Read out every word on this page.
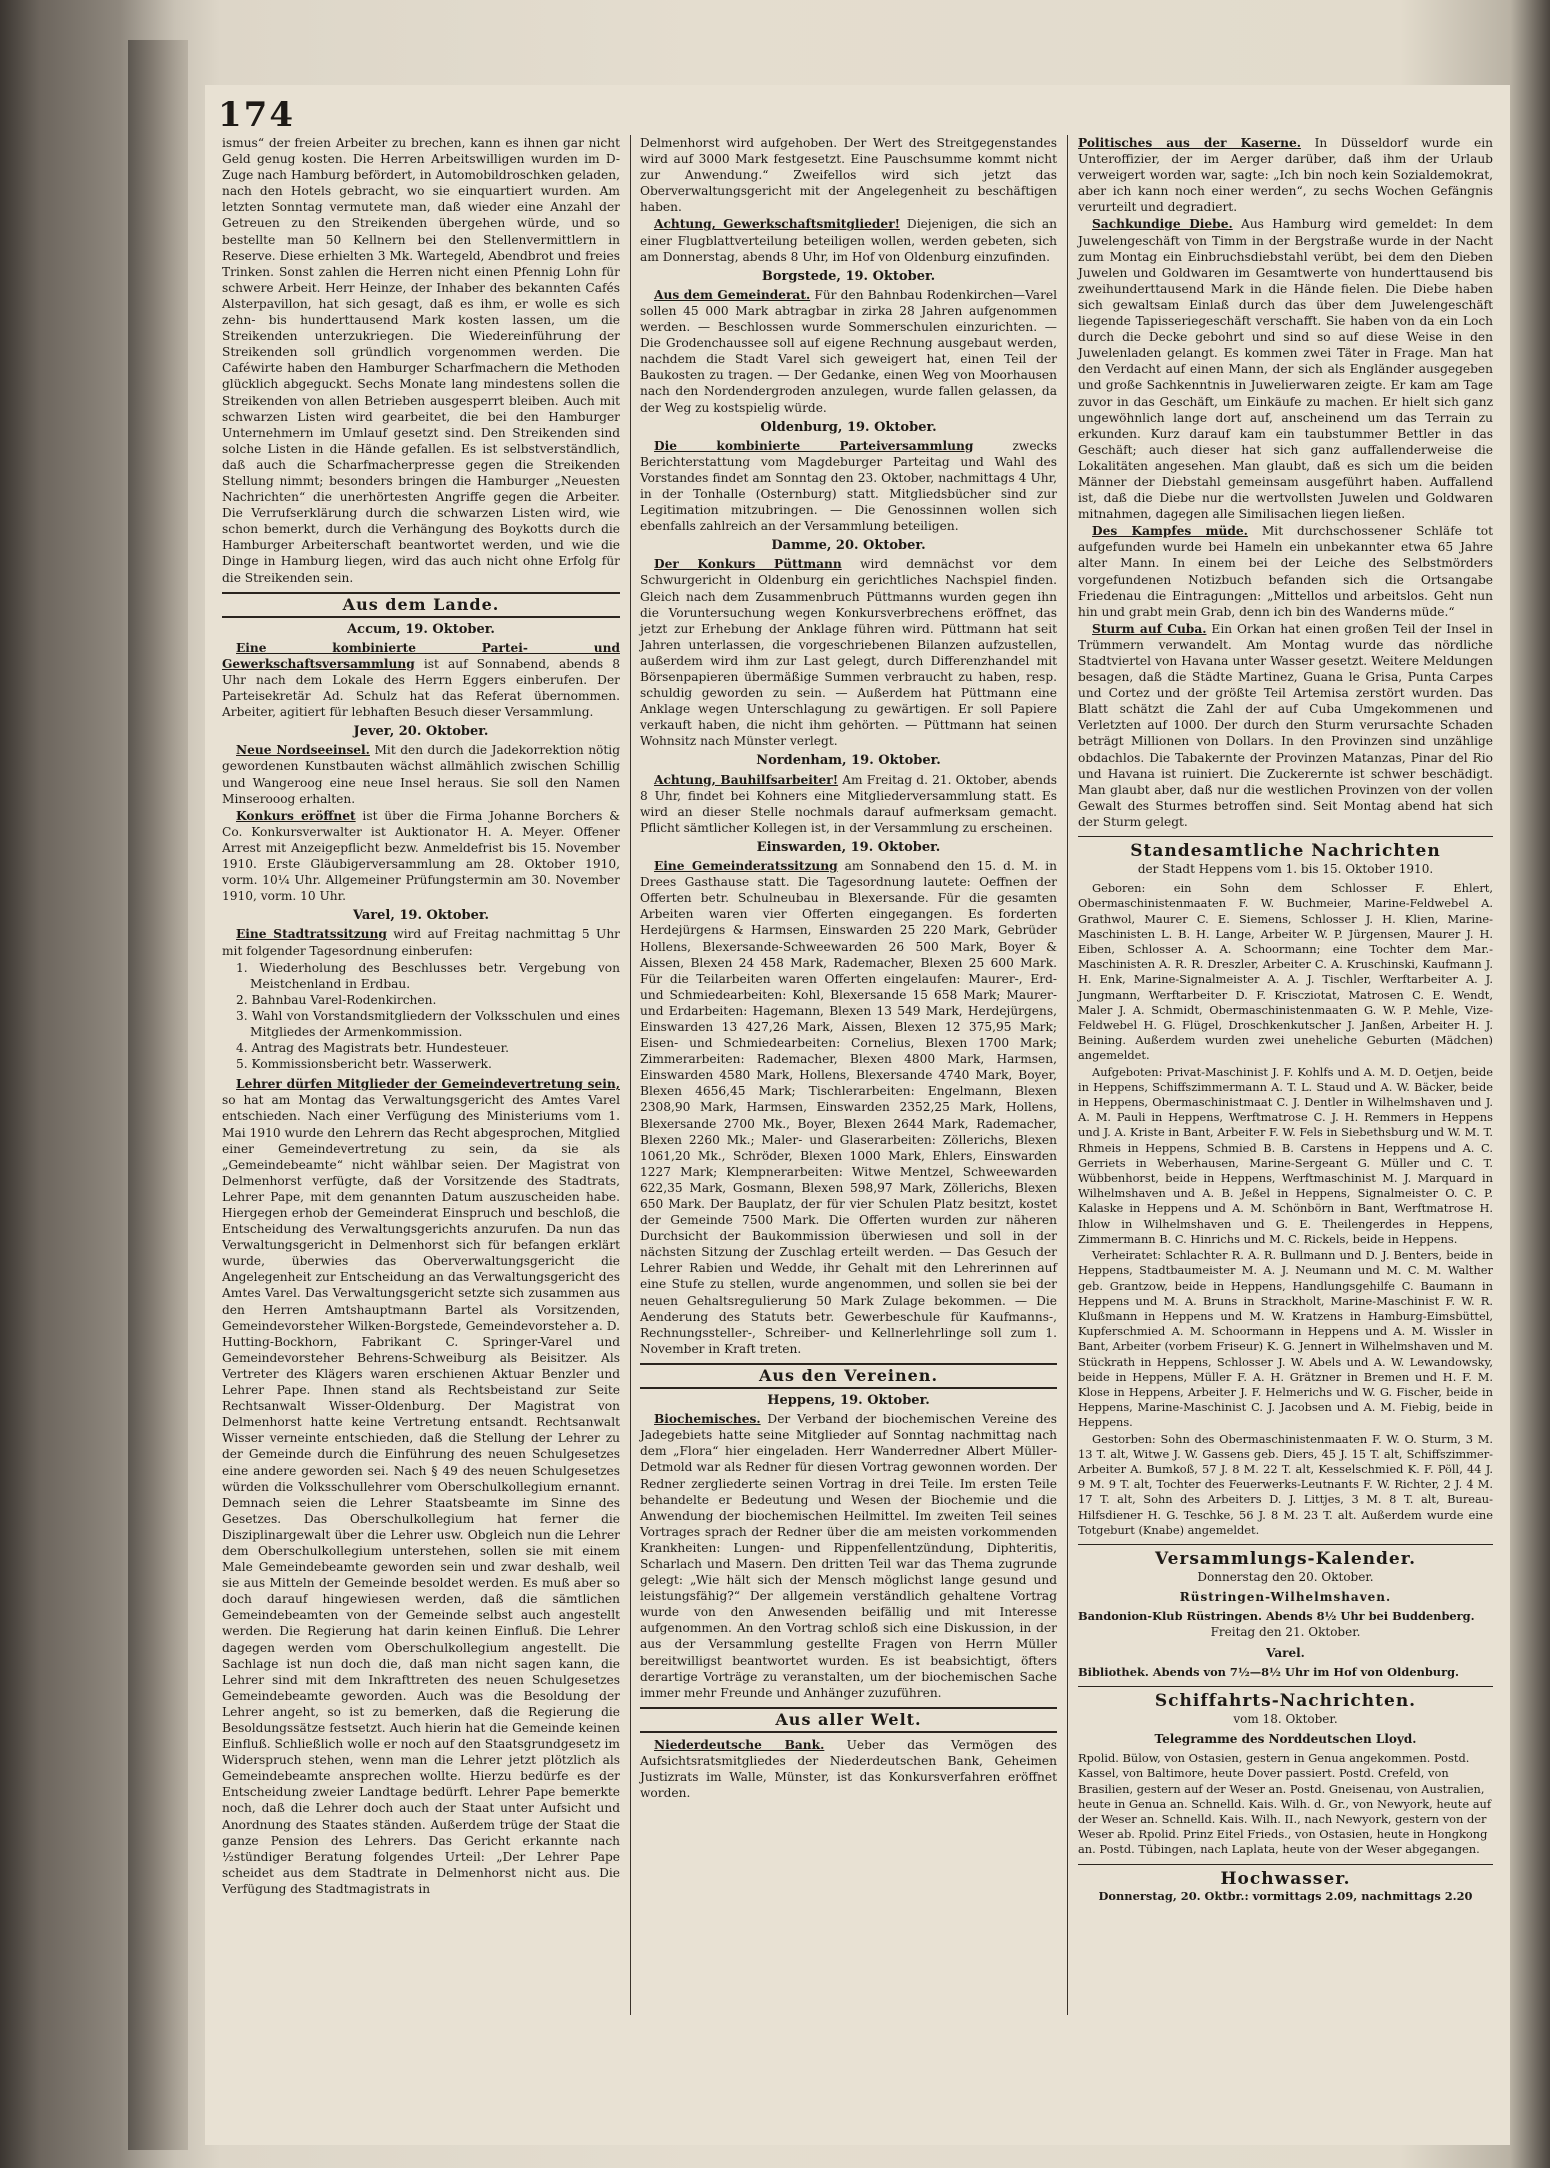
174

ismus“ der freien Arbeiter zu brechen, kann es ihnen gar nicht Geld genug kosten. Die Herren Arbeitswilligen wurden im D-Zuge nach Hamburg befördert, in Automobildroschken geladen, nach den Hotels gebracht, wo sie einquartiert wurden. Am letzten Sonntag vermutete man, daß wieder eine Anzahl der Getreuen zu den Streikenden übergehen würde, und so bestellte man 50 Kellnern bei den Stellenvermittlern in Reserve. Diese erhielten 3 Mk. Wartegeld, Abendbrot und freies Trinken. Sonst zahlen die Herren nicht einen Pfennig Lohn für schwere Arbeit. Herr Heinze, der Inhaber des bekannten Cafés Alsterpavillon, hat sich gesagt, daß es ihm, er wolle es sich zehn- bis hunderttausend Mark kosten lassen, um die Streikenden unterzukriegen. Die Wiedereinführung der Streikenden soll gründlich vorgenommen werden. Die Caféwirte haben den Hamburger Scharfmachern die Methoden glücklich abgeguckt. Sechs Monate lang mindestens sollen die Streikenden von allen Betrieben ausgesperrt bleiben. Auch mit schwarzen Listen wird gearbeitet, die bei den Hamburger Unternehmern im Umlauf gesetzt sind. Den Streikenden sind solche Listen in die Hände gefallen. Es ist selbstverständlich, daß auch die Scharfmacherpresse gegen die Streikenden Stellung nimmt; besonders bringen die Hamburger „Neuesten Nachrichten“ die unerhörtesten Angriffe gegen die Arbeiter. Die Verrufserklärung durch die schwarzen Listen wird, wie schon bemerkt, durch die Verhängung des Boykotts durch die Hamburger Arbeiterschaft beantwortet werden, und wie die Dinge in Hamburg liegen, wird das auch nicht ohne Erfolg für die Streikenden sein.

Aus dem Lande.
Accum, 19. Oktober.

Eine kombinierte Partei- und Gewerkschaftsversammlung ist auf Sonnabend, abends 8 Uhr nach dem Lokale des Herrn Eggers einberufen. Der Parteisekretär Ad. Schulz hat das Referat übernommen. Arbeiter, agitiert für lebhaften Besuch dieser Versammlung.

Jever, 20. Oktober.

Neue Nordseeinsel. Mit den durch die Jadekorrektion nötig gewordenen Kunstbauten wächst allmählich zwischen Schillig und Wangeroog eine neue Insel heraus. Sie soll den Namen Minserooog erhalten.

Konkurs eröffnet ist über die Firma Johanne Borchers & Co. Konkursverwalter ist Auktionator H. A. Meyer. Offener Arrest mit Anzeigepflicht bezw. Anmeldefrist bis 15. November 1910. Erste Gläubigerversammlung am 28. Oktober 1910, vorm. 10¼ Uhr. Allgemeiner Prüfungstermin am 30. November 1910, vorm. 10 Uhr.

Varel, 19. Oktober.

Eine Stadtratssitzung wird auf Freitag nachmittag 5 Uhr mit folgender Tagesordnung einberufen:

1. Wiederholung des Beschlusses betr. Vergebung von Meistchenland in Erdbau.
2. Bahnbau Varel-Rodenkirchen.
3. Wahl von Vorstandsmitgliedern der Volksschulen und eines Mitgliedes der Armenkommission.
4. Antrag des Magistrats betr. Hundesteuer.
5. Kommissionsbericht betr. Wasserwerk.

Lehrer dürfen Mitglieder der Gemeindevertretung sein, so hat am Montag das Verwaltungsgericht des Amtes Varel entschieden. Nach einer Verfügung des Ministeriums vom 1. Mai 1910 wurde den Lehrern das Recht abgesprochen, Mitglied einer Gemeindevertretung zu sein, da sie als „Gemeindebeamte“ nicht wählbar seien. Der Magistrat von Delmenhorst verfügte, daß der Vorsitzende des Stadtrats, Lehrer Pape, mit dem genannten Datum auszuscheiden habe. Hiergegen erhob der Gemeinderat Einspruch und beschloß, die Entscheidung des Verwaltungsgerichts anzurufen. Da nun das Verwaltungsgericht in Delmenhorst sich für befangen erklärt wurde, überwies das Oberverwaltungsgericht die Angelegenheit zur Entscheidung an das Verwaltungsgericht des Amtes Varel. Das Verwaltungsgericht setzte sich zusammen aus den Herren Amtshauptmann Bartel als Vorsitzenden, Gemeindevorsteher Wilken-Borgstede, Gemeindevorsteher a. D. Hutting-Bockhorn, Fabrikant C. Springer-Varel und Gemeindevorsteher Behrens-Schweiburg als Beisitzer. Als Vertreter des Klägers waren erschienen Aktuar Benzler und Lehrer Pape. Ihnen stand als Rechtsbeistand zur Seite Rechtsanwalt Wisser-Oldenburg. Der Magistrat von Delmenhorst hatte keine Vertretung entsandt. Rechtsanwalt Wisser verneinte entschieden, daß die Stellung der Lehrer zu der Gemeinde durch die Einführung des neuen Schulgesetzes eine andere geworden sei. Nach § 49 des neuen Schulgesetzes würden die Volksschullehrer vom Oberschulkollegium ernannt. Demnach seien die Lehrer Staatsbeamte im Sinne des Gesetzes. Das Oberschulkollegium hat ferner die Disziplinargewalt über die Lehrer usw. Obgleich nun die Lehrer dem Oberschulkollegium unterstehen, sollen sie mit einem Male Gemeindebeamte geworden sein und zwar deshalb, weil sie aus Mitteln der Gemeinde besoldet werden. Es muß aber so doch darauf hingewiesen werden, daß die sämtlichen Gemeindebeamten von der Gemeinde selbst auch angestellt werden. Die Regierung hat darin keinen Einfluß. Die Lehrer dagegen werden vom Oberschulkollegium angestellt. Die Sachlage ist nun doch die, daß man nicht sagen kann, die Lehrer sind mit dem Inkrafttreten des neuen Schulgesetzes Gemeindebeamte geworden. Auch was die Besoldung der Lehrer angeht, so ist zu bemerken, daß die Regierung die Besoldungssätze festsetzt. Auch hierin hat die Gemeinde keinen Einfluß. Schließlich wolle er noch auf den Staatsgrundgesetz im Widerspruch stehen, wenn man die Lehrer jetzt plötzlich als Gemeindebeamte ansprechen wollte. Hierzu bedürfe es der Entscheidung zweier Landtage bedürft. Lehrer Pape bemerkte noch, daß die Lehrer doch auch der Staat unter Aufsicht und Anordnung des Staates ständen. Außerdem trüge der Staat die ganze Pension des Lehrers. Das Gericht erkannte nach ½stündiger Beratung folgendes Urteil: „Der Lehrer Pape scheidet aus dem Stadtrate in Delmenhorst nicht aus. Die Verfügung des Stadtmagistrats in

Delmenhorst wird aufgehoben. Der Wert des Streitgegenstandes wird auf 3000 Mark festgesetzt. Eine Pauschsumme kommt nicht zur Anwendung.“ Zweifellos wird sich jetzt das Oberverwaltungsgericht mit der Angelegenheit zu beschäftigen haben.

Achtung, Gewerkschaftsmitglieder! Diejenigen, die sich an einer Flugblattverteilung beteiligen wollen, werden gebeten, sich am Donnerstag, abends 8 Uhr, im Hof von Oldenburg einzufinden.

Borgstede, 19. Oktober.

Aus dem Gemeinderat. Für den Bahnbau Rodenkirchen—Varel sollen 45 000 Mark abtragbar in zirka 28 Jahren aufgenommen werden. — Beschlossen wurde Sommerschulen einzurichten. — Die Grodenchaussee soll auf eigene Rechnung ausgebaut werden, nachdem die Stadt Varel sich geweigert hat, einen Teil der Baukosten zu tragen. — Der Gedanke, einen Weg von Moorhausen nach den Nordendergroden anzulegen, wurde fallen gelassen, da der Weg zu kostspielig würde.

Oldenburg, 19. Oktober.

Die kombinierte Parteiversammlung	zwecks Berichterstattung vom Magdeburger Parteitag und Wahl des Vorstandes findet am Sonntag den 23. Oktober, nachmittags 4 Uhr, in der Tonhalle (Osternburg) statt. Mitgliedsbücher sind zur Legitimation mitzubringen. — Die Genossinnen wollen sich ebenfalls zahlreich an der Versammlung beteiligen.

Damme, 20. Oktober.

Der Konkurs Püttmann wird demnächst vor dem Schwurgericht in Oldenburg ein gerichtliches Nachspiel finden. Gleich nach dem Zusammenbruch Püttmanns wurden gegen ihn die Voruntersuchung wegen Konkursverbrechens eröffnet, das jetzt zur Erhebung der Anklage führen wird. Püttmann hat seit Jahren unterlassen, die vorgeschriebenen Bilanzen aufzustellen, außerdem wird ihm zur Last gelegt, durch Differenzhandel mit Börsenpapieren übermäßige Summen verbraucht zu haben, resp. schuldig geworden zu sein. — Außerdem hat Püttmann eine Anklage wegen Unterschlagung zu gewärtigen. Er soll Papiere verkauft haben, die nicht ihm gehörten. — Püttmann hat seinen Wohnsitz nach Münster verlegt.

Nordenham, 19. Oktober.

Achtung, Bauhilfsarbeiter! Am Freitag d. 21. Oktober, abends 8 Uhr, findet bei Kohners eine Mitgliederversammlung statt. Es wird an dieser Stelle nochmals darauf aufmerksam gemacht. Pflicht sämtlicher Kollegen ist, in der Versammlung zu erscheinen.

Einswarden, 19. Oktober.

Eine Gemeinderatssitzung am Sonnabend den 15. d. M. in Drees Gasthause statt. Die Tagesordnung lautete: Oeffnen der Offerten betr. Schulneubau in Blexersande. Für die gesamten Arbeiten waren vier Offerten eingegangen. Es forderten Herdejürgens & Harmsen, Einswarden 25 220 Mark, Gebrüder Hollens, Blexersande-Schweewarden 26 500 Mark, Boyer & Aissen, Blexen 24 458 Mark, Rademacher, Blexen 25 600 Mark. Für die Teilarbeiten waren Offerten eingelaufen: Maurer-, Erd- und Schmiedearbeiten: Kohl, Blexersande 15 658 Mark; Maurer- und Erdarbeiten: Hagemann, Blexen 13 549 Mark, Herdejürgens, Einswarden 13 427,26 Mark, Aissen, Blexen 12 375,95 Mark; Eisen- und Schmiedearbeiten: Cornelius, Blexen 1700 Mark; Zimmerarbeiten: Rademacher, Blexen 4800 Mark, Harmsen, Einswarden 4580 Mark, Hollens, Blexersande 4740 Mark, Boyer, Blexen 4656,45 Mark; Tischlerarbeiten: Engelmann, Blexen 2308,90 Mark, Harmsen, Einswarden 2352,25 Mark, Hollens, Blexersande 2700 Mk., Boyer, Blexen 2644 Mark, Rademacher, Blexen 2260 Mk.; Maler- und Glaserarbeiten: Zöllerichs, Blexen 1061,20 Mk., Schröder, Blexen 1000 Mark, Ehlers, Einswarden 1227 Mark; Klempnerarbeiten: Witwe Mentzel, Schweewarden 622,35 Mark, Gosmann, Blexen 598,97 Mark, Zöllerichs, Blexen 650 Mark. Der Bauplatz, der für vier Schulen Platz besitzt, kostet der Gemeinde 7500 Mark. Die Offerten wurden zur näheren Durchsicht der Baukommission überwiesen und soll in der nächsten Sitzung der Zuschlag erteilt werden. — Das Gesuch der Lehrer Rabien und Wedde, ihr Gehalt mit den Lehrerinnen auf eine Stufe zu stellen, wurde angenommen, und sollen sie bei der neuen Gehaltsregulierung 50 Mark Zulage bekommen. — Die Aenderung des Statuts betr. Gewerbeschule für Kaufmanns-, Rechnungssteller-, Schreiber- und Kellnerlehrlinge soll zum 1. November in Kraft treten.

Aus den Vereinen.
Heppens, 19. Oktober.

Biochemisches. Der Verband der biochemischen Vereine des Jadegebiets hatte seine Mitglieder auf Sonntag nachmittag nach dem „Flora“ hier eingeladen. Herr Wanderredner Albert Müller-Detmold war als Redner für diesen Vortrag gewonnen worden. Der Redner zergliederte seinen Vortrag in drei Teile. Im ersten Teile behandelte er Bedeutung und Wesen der Biochemie und die Anwendung der biochemischen Heilmittel. Im zweiten Teil seines Vortrages sprach der Redner über die am meisten vorkommenden Krankheiten: Lungen- und Rippenfellentzündung, Diphteritis, Scharlach und Masern. Den dritten Teil war das Thema zugrunde gelegt: „Wie hält sich der Mensch möglichst lange gesund und leistungsfähig?“ Der allgemein verständlich gehaltene Vortrag wurde von den Anwesenden beifällig und mit Interesse aufgenommen. An den Vortrag schloß sich eine Diskussion, in der aus der Versammlung gestellte Fragen von Herrn Müller bereitwilligst beantwortet wurden. Es ist beabsichtigt, öfters derartige Vorträge zu veranstalten, um der biochemischen Sache immer mehr Freunde und Anhänger zuzuführen.

Aus aller Welt.

Niederdeutsche Bank. Ueber das Vermögen des Aufsichtsratsmitgliedes der Niederdeutschen Bank, Geheimen Justizrats im Walle, Münster, ist das Konkursverfahren eröffnet worden.

Politisches aus der Kaserne. In Düsseldorf wurde ein Unteroffizier, der im Aerger darüber, daß ihm der Urlaub verweigert worden war, sagte: „Ich bin noch kein Sozialdemokrat, aber ich kann noch einer werden“, zu sechs Wochen Gefängnis verurteilt und degradiert.

Sachkundige Diebe. Aus Hamburg wird gemeldet: In dem Juwelengeschäft von Timm in der Bergstraße wurde in der Nacht zum Montag ein Einbruchsdiebstahl verübt, bei dem den Dieben Juwelen und Goldwaren im Gesamtwerte von hunderttausend bis zweihunderttausend Mark in die Hände fielen. Die Diebe haben sich gewaltsam Einlaß durch das über dem Juwelengeschäft liegende Tapisseriegeschäft verschafft. Sie haben von da ein Loch durch die Decke gebohrt und sind so auf diese Weise in den Juwelenladen gelangt. Es kommen zwei Täter in Frage. Man hat den Verdacht auf einen Mann, der sich als Engländer ausgegeben und große Sachkenntnis in Juwelierwaren zeigte. Er kam am Tage zuvor in das Geschäft, um Einkäufe zu machen. Er hielt sich ganz ungewöhnlich lange dort auf, anscheinend um das Terrain zu erkunden. Kurz darauf kam ein taubstummer Bettler in das Geschäft; auch dieser hat sich ganz auffallenderweise die Lokalitäten angesehen. Man glaubt, daß es sich um die beiden Männer der Diebstahl gemeinsam ausgeführt haben. Auffallend ist, daß die Diebe nur die wertvollsten Juwelen und Goldwaren mitnahmen, dagegen alle Similisachen liegen ließen.

Des Kampfes müde. Mit durchschossener Schläfe tot aufgefunden wurde bei Hameln ein unbekannter etwa 65 Jahre alter Mann. In einem bei der Leiche des Selbstmörders vorgefundenen Notizbuch befanden sich die Ortsangabe Friedenau die Eintragungen: „Mittellos und arbeitslos. Geht nun hin und grabt mein Grab, denn ich bin des Wanderns müde.“

Sturm auf Cuba. Ein Orkan hat einen großen Teil der Insel in Trümmern verwandelt. Am Montag wurde das nördliche Stadtviertel von Havana unter Wasser gesetzt. Weitere Meldungen besagen, daß die Städte Martinez, Guana le Grisa, Punta Carpes und Cortez und der größte Teil Artemisa zerstört wurden. Das Blatt schätzt die Zahl der auf Cuba Umgekommenen und Verletzten auf 1000. Der durch den Sturm verursachte Schaden beträgt Millionen von Dollars. In den Provinzen sind unzählige obdachlos. Die Tabakernte der Provinzen Matanzas, Pinar del Rio und Havana ist ruiniert. Die Zuckerernte ist schwer beschädigt. Man glaubt aber, daß nur die westlichen Provinzen von der vollen Gewalt des Sturmes betroffen sind. Seit Montag abend hat sich der Sturm gelegt.

Standesamtliche Nachrichten
der Stadt Heppens vom 1. bis 15. Oktober 1910.

Geboren: ein Sohn dem Schlosser F. Ehlert, Obermaschinistenmaaten F. W. Buchmeier, Marine-Feldwebel A. Grathwol, Maurer C. E. Siemens, Schlosser J. H. Klien, Marine-Maschinisten L. B. H. Lange, Arbeiter W. P. Jürgensen, Maurer J. H. Eiben, Schlosser A. A. Schoormann; eine Tochter dem Mar.-Maschinisten A. R. R. Dreszler, Arbeiter C. A. Kruschinski, Kaufmann J. H. Enk, Marine-Signalmeister A. A. J. Tischler, Werftarbeiter A. J. Jungmann, Werftarbeiter D. F. Kriscziotat, Matrosen C. E. Wendt, Maler J. A. Schmidt, Obermaschinistenmaaten G. W. P. Mehle, Vize-Feldwebel H. G. Flügel, Droschkenkutscher J. Janßen, Arbeiter H. J. Beining. Außerdem wurden zwei uneheliche Geburten (Mädchen) angemeldet.

Aufgeboten: Privat-Maschinist J. F. Kohlfs und A. M. D. Oetjen, beide in Heppens, Schiffszimmermann A. T. L. Staud und A. W. Bäcker, beide in Heppens, Obermaschinistmaat C. J. Dentler in Wilhelmshaven und J. A. M. Pauli in Heppens, Werftmatrose C. J. H. Remmers in Heppens und J. A. Kriste in Bant, Arbeiter F. W. Fels in Siebethsburg und W. M. T. Rhmeis in Heppens, Schmied B. B. Carstens in Heppens und A. C. Gerriets in Weberhausen, Marine-Sergeant G. Müller und C. T. Wübbenhorst, beide in Heppens, Werftmaschinist M. J. Marquard in Wilhelmshaven und A. B. Jeßel in Heppens, Signalmeister O. C. P. Kalaske in Heppens und A. M. Schönbörn in Bant, Werftmatrose H. Ihlow in Wilhelmshaven und G. E. Theilengerdes in Heppens, Zimmermann B. C. Hinrichs und M. C. Rickels, beide in Heppens.

Verheiratet: Schlachter R. A. R. Bullmann und D. J. Benters, beide in Heppens, Stadtbaumeister M. A. J. Neumann und M. C. M. Walther geb. Grantzow, beide in Heppens, Handlungsgehilfe C. Baumann in Heppens und M. A. Bruns in Strackholt, Marine-Maschinist F. W. R. Klußmann in Heppens und M. W. Kratzens in Hamburg-Eimsbüttel, Kupferschmied A. M. Schoormann in Heppens und A. M. Wissler in Bant, Arbeiter (vorbem Friseur) K. G. Jennert in Wilhelmshaven und M. Stückrath in Heppens, Schlosser J. W. Abels und A. W. Lewandowsky, beide in Heppens, Müller F. A. H. Grätzner in Bremen und H. F. M. Klose in Heppens, Arbeiter J. F. Helmerichs und W. G. Fischer, beide in Heppens, Marine-Maschinist C. J. Jacobsen und A. M. Fiebig, beide in Heppens.

Gestorben: Sohn des Obermaschinistenmaaten F. W. O. Sturm, 3 M. 13 T. alt, Witwe J. W. Gassens geb. Diers, 45 J. 15 T. alt, Schiffszimmer-Arbeiter A. Bumkoß, 57 J. 8 M. 22 T. alt, Kesselschmied K. F. Pöll, 44 J. 9 M. 9 T. alt, Tochter des Feuerwerks-Leutnants F. W. Richter, 2 J. 4 M. 17 T. alt, Sohn des Arbeiters D. J. Littjes, 3 M. 8 T. alt, Bureau-Hilfsdiener H. G. Teschke, 56 J. 8 M. 23 T. alt. Außerdem wurde eine Totgeburt (Knabe) angemeldet.

Versammlungs-Kalender.
Donnerstag den 20. Oktober.
Rüstringen-Wilhelmshaven.
Bandonion-Klub Rüstringen. Abends 8½ Uhr bei Buddenberg.
Freitag den 21. Oktober.
Varel.
Bibliothek. Abends von 7½—8½ Uhr im Hof von Oldenburg.
Schiffahrts-Nachrichten.
vom 18. Oktober.
Telegramme des Norddeutschen Lloyd.
Rpolid. Bülow, von Ostasien, gestern in Genua angekommen. Postd. Kassel, von Baltimore, heute Dover passiert. Postd. Crefeld, von Brasilien, gestern auf der Weser an. Postd. Gneisenau, von Australien, heute in Genua an. Schnelld. Kais. Wilh. d. Gr., von Newyork, heute auf der Weser an. Schnelld. Kais. Wilh. II., nach Newyork, gestern von der Weser ab. Rpolid. Prinz Eitel Frieds., von Ostasien, heute in Hongkong an. Postd. Tübingen, nach Laplata, heute von der Weser abgegangen.
Hochwasser.
Donnerstag, 20. Oktbr.: vormittags 2.09, nachmittags 2.20
